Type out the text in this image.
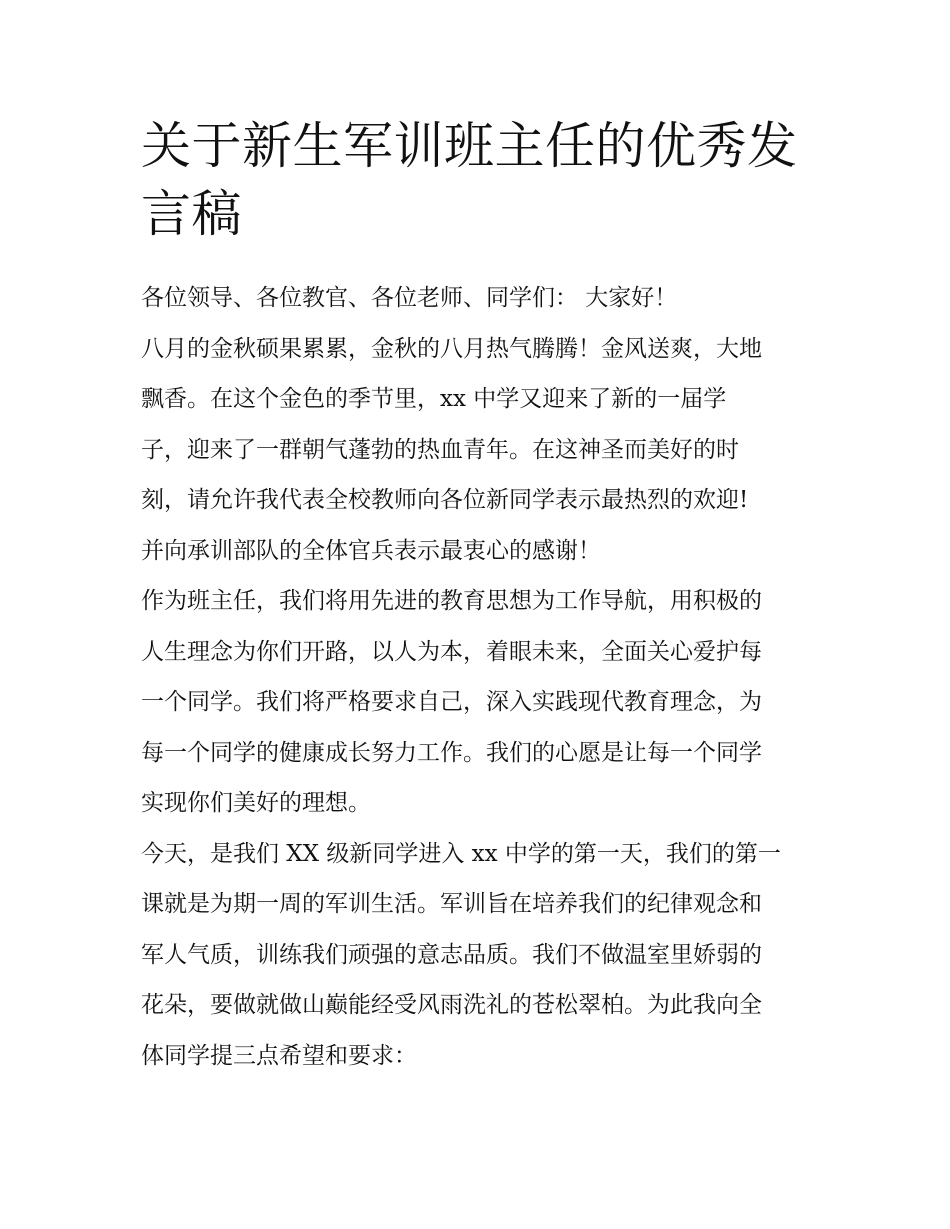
关于新生军训班主任的优秀发
言稿

各位领导、各位教官、各位老师、同学们： 大家好！

八月的金秋硕果累累，金秋的八月热气腾腾！金风送爽，大地
飘香。在这个金色的季节里，xx 中学又迎来了新的一届学
子，迎来了一群朝气蓬勃的热血青年。在这神圣而美好的时
刻，请允许我代表全校教师向各位新同学表示最热烈的欢迎!
并向承训部队的全体官兵表示最衷心的感谢！

作为班主任，我们将用先进的教育思想为工作导航，用积极的
人生理念为你们开路，以人为本，着眼未来，全面关心爱护每
一个同学。我们将严格要求自己，深入实践现代教育理念，为
每一个同学的健康成长努力工作。我们的心愿是让每一个同学
实现你们美好的理想。

今天，是我们 XX 级新同学进入 xx 中学的第一天，我们的第一
课就是为期一周的军训生活。军训旨在培养我们的纪律观念和
军人气质，训练我们顽强的意志品质。我们不做温室里娇弱的
花朵，要做就做山巅能经受风雨洗礼的苍松翠柏。为此我向全
体同学提三点希望和要求：
